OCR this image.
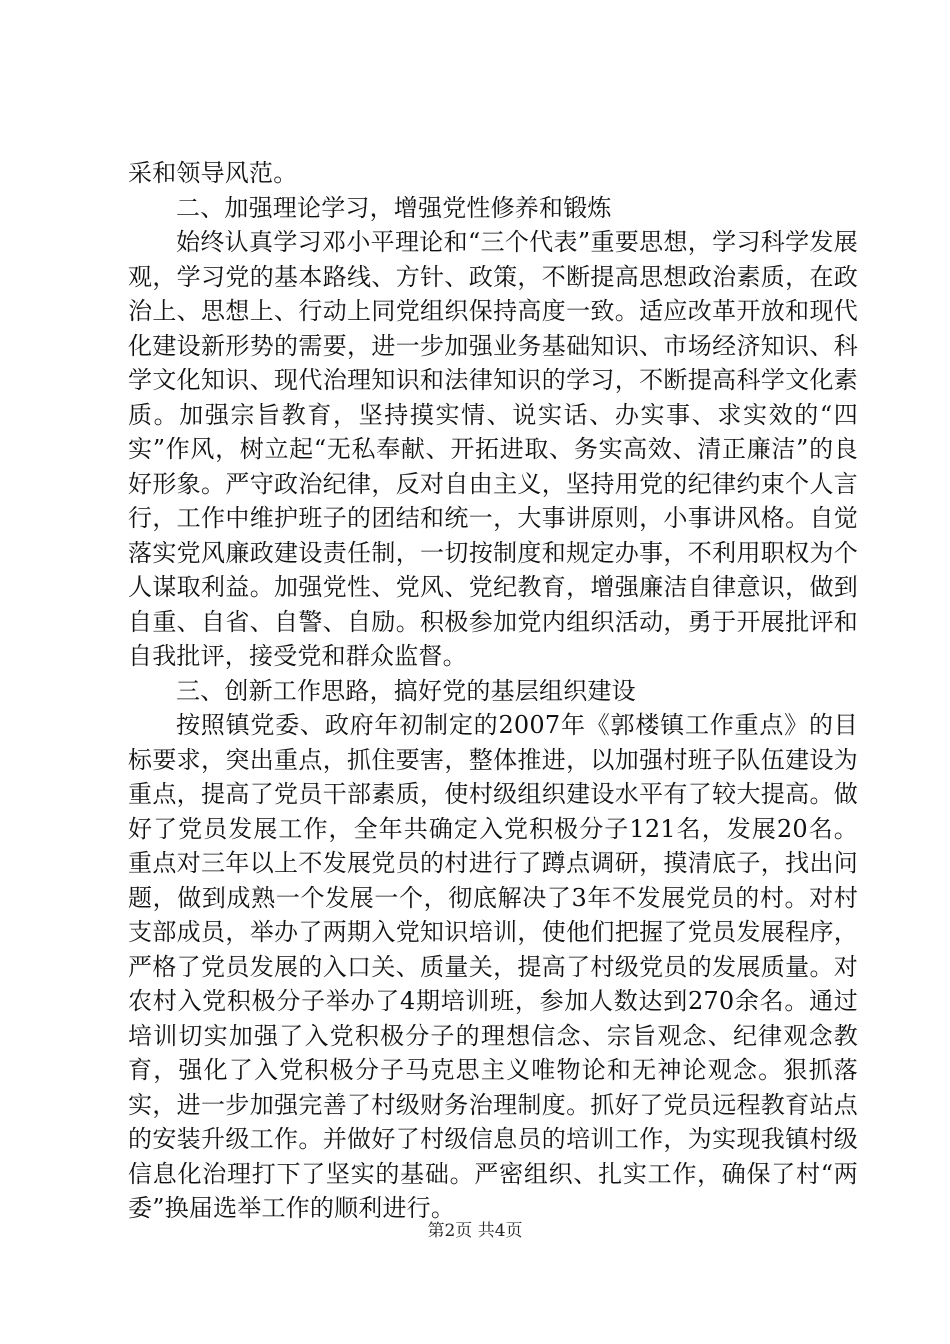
采和领导风范。

二、加强理论学习，增强党性修养和锻炼

始终认真学习邓小平理论和“三个代表”重要思想，学习科学发展观，学习党的基本路线、方针、政策，不断提高思想政治素质，在政治上、思想上、行动上同党组织保持高度一致。适应改革开放和现代化建设新形势的需要，进一步加强业务基础知识、市场经济知识、科学文化知识、现代治理知识和法律知识的学习，不断提高科学文化素质。加强宗旨教育，坚持摸实情、说实话、办实事、求实效的“四实”作风，树立起“无私奉献、开拓进取、务实高效、清正廉洁”的良好形象。严守政治纪律，反对自由主义，坚持用党的纪律约束个人言行，工作中维护班子的团结和统一，大事讲原则，小事讲风格。自觉落实党风廉政建设责任制，一切按制度和规定办事，不利用职权为个人谋取利益。加强党性、党风、党纪教育，增强廉洁自律意识，做到自重、自省、自警、自励。积极参加党内组织活动，勇于开展批评和自我批评，接受党和群众监督。

三、创新工作思路，搞好党的基层组织建设

按照镇党委、政府年初制定的2007年《郭楼镇工作重点》的目标要求，突出重点，抓住要害，整体推进，以加强村班子队伍建设为重点，提高了党员干部素质，使村级组织建设水平有了较大提高。做好了党员发展工作，全年共确定入党积极分子121名，发展20名。重点对三年以上不发展党员的村进行了蹲点调研，摸清底子，找出问题，做到成熟一个发展一个，彻底解决了3年不发展党员的村。对村支部成员，举办了两期入党知识培训，使他们把握了党员发展程序，严格了党员发展的入口关、质量关，提高了村级党员的发展质量。对农村入党积极分子举办了4期培训班，参加人数达到270余名。通过培训切实加强了入党积极分子的理想信念、宗旨观念、纪律观念教育，强化了入党积极分子马克思主义唯物论和无神论观念。狠抓落实，进一步加强完善了村级财务治理制度。抓好了党员远程教育站点的安装升级工作。并做好了村级信息员的培训工作，为实现我镇村级信息化治理打下了坚实的基础。严密组织、扎实工作，确保了村“两委”换届选举工作的顺利进行。

第2页 共4页
